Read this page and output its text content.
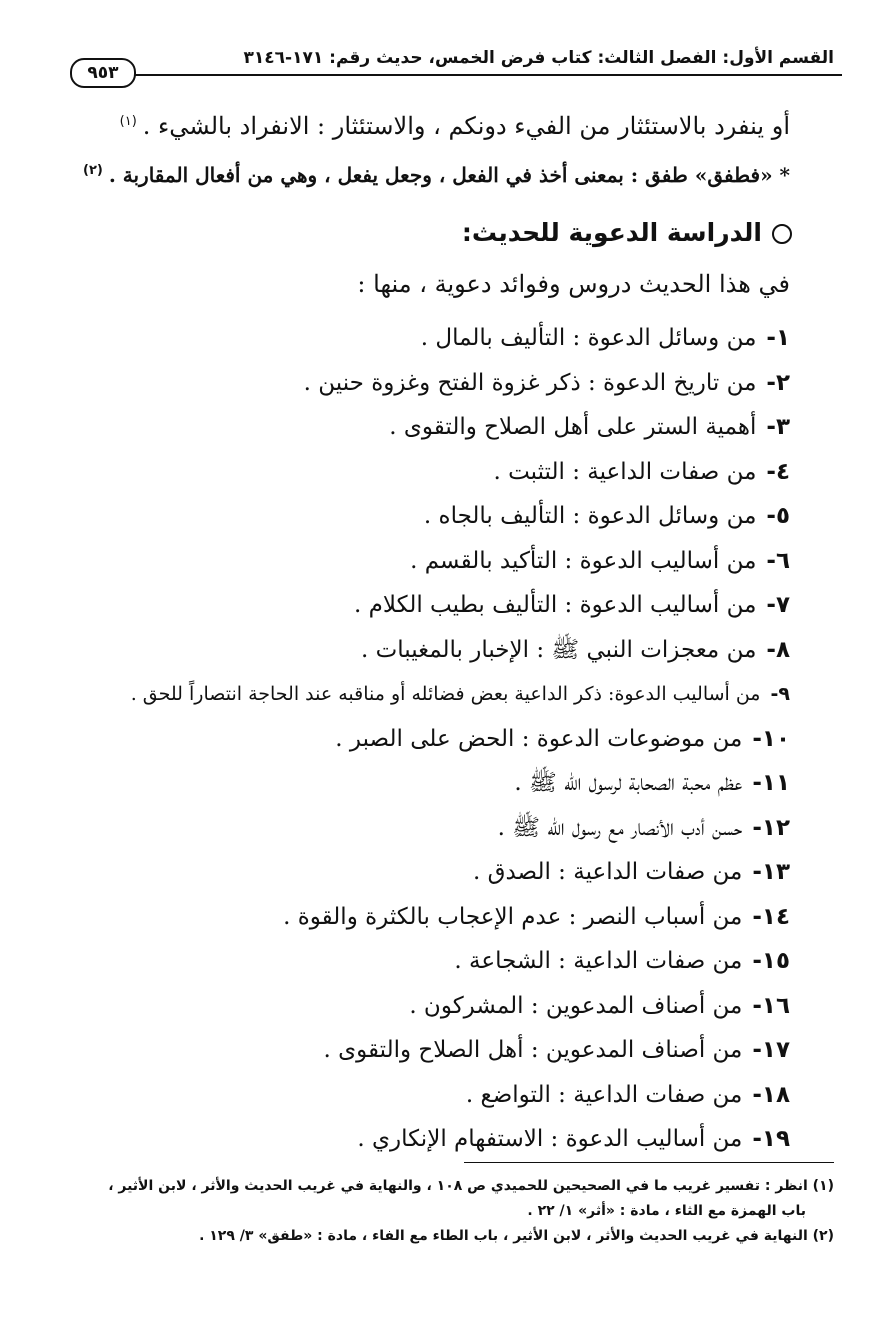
القسم الأول: الفصل الثالث: كتاب فرض الخمس، حديث رقم: ١٧١-٣١٤٦
٩٥٣
أو ينفرد بالاستئثار من الفيء دونكم ، والاستئثار : الانفراد بالشيء .$^{(١)}$
* «فطفق» طفق : بمعنى أخذ في الفعل ، وجعل يفعل ، وهي من أفعال المقاربة .$^{(٢)}$
الدراسة الدعوية للحديث:
في هذا الحديث دروس وفوائد دعوية ، منها :
١-من وسائل الدعوة : التأليف بالمال .
٢-من تاريخ الدعوة : ذكر غزوة الفتح وغزوة حنين .
٣-أهمية الستر على أهل الصلاح والتقوى .
٤-من صفات الداعية : التثبت .
٥-من وسائل الدعوة : التأليف بالجاه .
٦-من أساليب الدعوة : التأكيد بالقسم .
٧-من أساليب الدعوة : التأليف بطيب الكلام .
٨-من معجزات النبي ﷺ : الإخبار بالمغيبات .
٩-من أساليب الدعوة: ذكر الداعية بعض فضائله أو مناقبه عند الحاجة انتصاراً للحق .
١٠-من موضوعات الدعوة : الحض على الصبر .
١١-عظم محبة الصحابة لرسول الله ﷺ .
١٢-حسن أدب الأنصار مع رسول الله ﷺ .
١٣-من صفات الداعية : الصدق .
١٤-من أسباب النصر : عدم الإعجاب بالكثرة والقوة .
١٥-من صفات الداعية : الشجاعة .
١٦-من أصناف المدعوين : المشركون .
١٧-من أصناف المدعوين : أهل الصلاح والتقوى .
١٨-من صفات الداعية : التواضع .
١٩-من أساليب الدعوة : الاستفهام الإنكاري .
(١) انظر : تفسير غريب ما في الصحيحين للحميدي ص ١٠٨ ، والنهاية في غريب الحديث والأثر ، لابن الأثير ،
باب الهمزة مع الثاء ، مادة : «أثر» ١/ ٢٢ .
(٢) النهاية في غريب الحديث والأثر ، لابن الأثير ، باب الطاء مع الفاء ، مادة : «طفق» ٣/ ١٢٩ .
